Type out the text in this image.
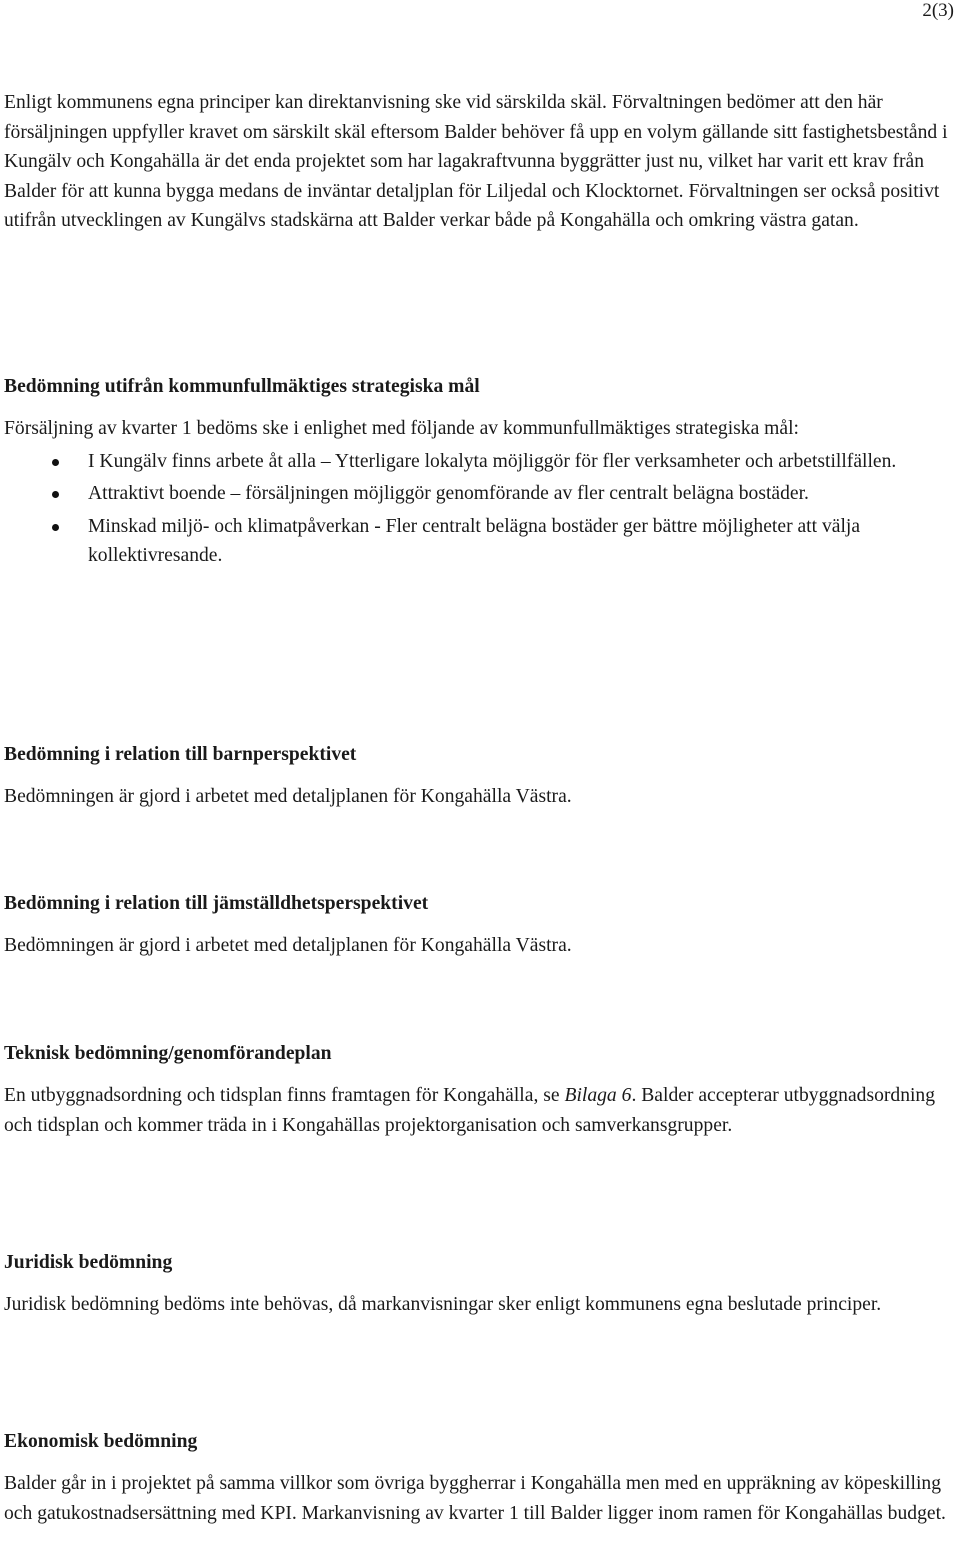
2(3)

Enligt kommunens egna principer kan direktanvisning ske vid särskilda skäl. Förvaltningen bedömer att den här försäljningen uppfyller kravet om särskilt skäl eftersom Balder behöver få upp en volym gällande sitt fastighetsbestånd i Kungälv och Kongahälla är det enda projektet som har lagakraftvunna byggrätter just nu, vilket har varit ett krav från Balder för att kunna bygga medans de inväntar detaljplan för Liljedal och Klocktornet. Förvaltningen ser också positivt utifrån utvecklingen av Kungälvs stadskärna att Balder verkar både på Kongahälla och omkring västra gatan.

Bedömning utifrån kommunfullmäktiges strategiska mål

Försäljning av kvarter 1 bedöms ske i enlighet med följande av kommunfullmäktiges strategiska mål:

I Kungälv finns arbete åt alla – Ytterligare lokalyta möjliggör för fler verksamheter och arbetstillfällen.
Attraktivt boende – försäljningen möjliggör genomförande av fler centralt belägna bostäder.
Minskad miljö- och klimatpåverkan - Fler centralt belägna bostäder ger bättre möjligheter att välja kollektivresande.
Bedömning i relation till barnperspektivet

Bedömningen är gjord i arbetet med detaljplanen för Kongahälla Västra.

Bedömning i relation till jämställdhetsperspektivet

Bedömningen är gjord i arbetet med detaljplanen för Kongahälla Västra.

Teknisk bedömning/genomförandeplan

En utbyggnadsordning och tidsplan finns framtagen för Kongahälla, se Bilaga 6. Balder accepterar utbyggnadsordning och tidsplan och kommer träda in i Kongahällas projektorganisation och samverkansgrupper.

Juridisk bedömning

Juridisk bedömning bedöms inte behövas, då markanvisningar sker enligt kommunens egna beslutade principer.

Ekonomisk bedömning

Balder går in i projektet på samma villkor som övriga byggherrar i Kongahälla men med en uppräkning av köpeskilling och gatukostnadsersättning med KPI. Markanvisning av kvarter 1 till Balder ligger inom ramen för Kongahällas budget.
